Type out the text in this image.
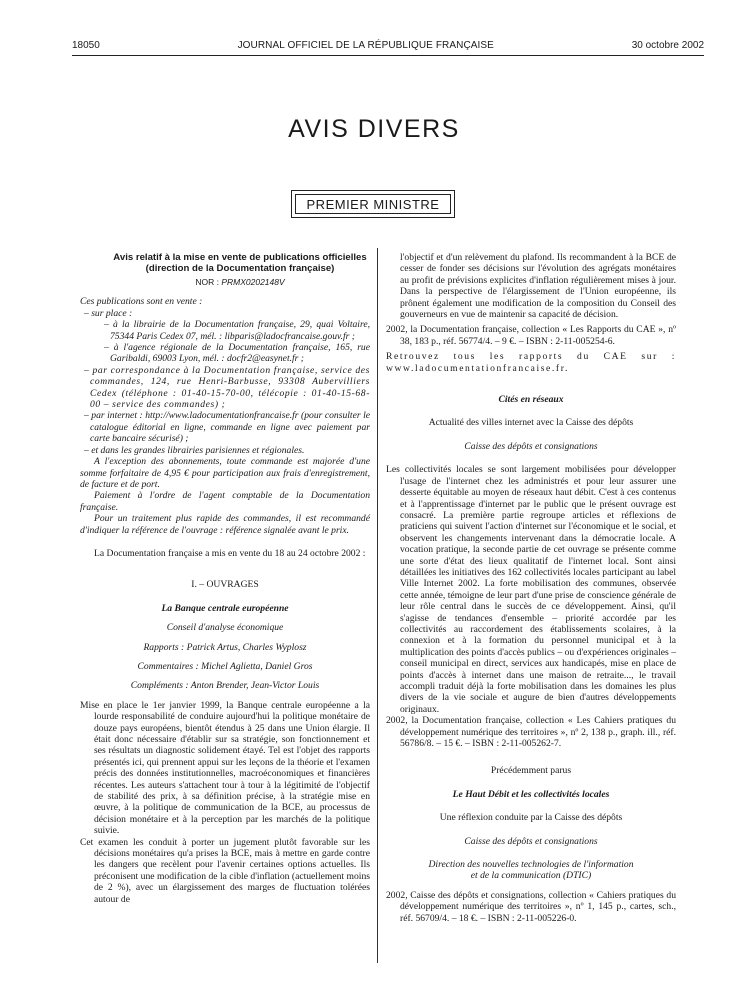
18050	JOURNAL OFFICIEL DE LA RÉPUBLIQUE FRANÇAISE	30 octobre 2002
AVIS DIVERS
PREMIER MINISTRE

Avis relatif à la mise en vente de publications officielles

(direction de la Documentation française)

NOR : PRMX0202148V

Ces publications sont en vente :

– sur place :

– à la librairie de la Documentation française, 29, quai Voltaire, 75344 Paris Cedex 07, mél. : libparis@ladocfrancaise.gouv.fr ;

– à l'agence régionale de la Documentation française, 165, rue Garibaldi, 69003 Lyon, mél. : docfr2@easynet.fr ;

– par correspondance à la Documentation française, service des commandes, 124, rue Henri-Barbusse, 93308 Aubervilliers Cedex (téléphone : 01-40-15-70-00, télécopie : 01-40-15-68-00 – service des commandes) ;

– par internet : http://www.ladocumentationfrancaise.fr (pour consulter le catalogue éditorial en ligne, commande en ligne avec paiement par carte bancaire sécurisé) ;

– et dans les grandes librairies parisiennes et régionales.

A l'exception des abonnements, toute commande est majorée d'une somme forfaitaire de 4,95 € pour participation aux frais d'enregistrement, de facture et de port.

Paiement à l'ordre de l'agent comptable de la Documentation française.

Pour un traitement plus rapide des commandes, il est recommandé d'indiquer la référence de l'ouvrage : référence signalée avant le prix.

La Documentation française a mis en vente du 18 au 24 octobre 2002 :

I. – OUVRAGES

La Banque centrale européenne

Conseil d'analyse économique

Rapports : Patrick Artus, Charles Wyplosz

Commentaires : Michel Aglietta, Daniel Gros

Compléments : Anton Brender, Jean-Victor Louis

Mise en place le 1er janvier 1999, la Banque centrale européenne a la lourde responsabilité de conduire aujourd'hui la politique monétaire de douze pays européens, bientôt étendus à 25 dans une Union élargie. Il était donc nécessaire d'établir sur sa stratégie, son fonctionnement et ses résultats un diagnostic solidement étayé. Tel est l'objet des rapports présentés ici, qui prennent appui sur les leçons de la théorie et l'examen précis des données institutionnelles, macroéconomiques et financières récentes. Les auteurs s'attachent tour à tour à la légitimité de l'objectif de stabilité des prix, à sa définition précise, à la stratégie mise en œuvre, à la politique de communication de la BCE, au processus de décision monétaire et à la perception par les marchés de la politique suivie.

Cet examen les conduit à porter un jugement plutôt favorable sur les décisions monétaires qu'a prises la BCE, mais à mettre en garde contre les dangers que recèlent pour l'avenir certaines options actuelles. Ils préconisent une modification de la cible d'inflation (actuellement moins de 2 %), avec un élargissement des marges de fluctuation tolérées autour de

l'objectif et d'un relèvement du plafond. Ils recommandent à la BCE de cesser de fonder ses décisions sur l'évolution des agrégats monétaires au profit de prévisions explicites d'inflation régulièrement mises à jour. Dans la perspective de l'élargissement de l'Union européenne, ils prônent également une modification de la composition du Conseil des gouverneurs en vue de maintenir sa capacité de décision.

2002, la Documentation française, collection « Les Rapports du CAE », nº 38, 183 p., réf. 56774/4. – 9 €. – ISBN : 2-11-005254-6.

Retrouvez tous les rapports du CAE sur : www.ladocumentationfrancaise.fr.

Cités en réseaux

Actualité des villes internet avec la Caisse des dépôts

Caisse des dépôts et consignations

Les collectivités locales se sont largement mobilisées pour développer l'usage de l'internet chez les administrés et pour leur assurer une desserte équitable au moyen de réseaux haut débit. C'est à ces contenus et à l'apprentissage d'internet par le public que le présent ouvrage est consacré. La première partie regroupe articles et réflexions de praticiens qui suivent l'action d'internet sur l'économique et le social, et observent les changements intervenant dans la démocratie locale. A vocation pratique, la seconde partie de cet ouvrage se présente comme une sorte d'état des lieux qualitatif de l'internet local. Sont ainsi détaillées les initiatives des 162 collectivités locales participant au label Ville Internet 2002. La forte mobilisation des communes, observée cette année, témoigne de leur part d'une prise de conscience générale de leur rôle central dans le succès de ce développement. Ainsi, qu'il s'agisse de tendances d'ensemble – priorité accordée par les collectivités au raccordement des établissements scolaires, à la connexion et à la formation du personnel municipal et à la multiplication des points d'accès publics – ou d'expériences originales – conseil municipal en direct, services aux handicapés, mise en place de points d'accès à internet dans une maison de retraite..., le travail accompli traduit déjà la forte mobilisation dans les domaines les plus divers de la vie sociale et augure de bien d'autres développements originaux.

2002, la Documentation française, collection « Les Cahiers pratiques du développement numérique des territoires », nº 2, 138 p., graph. ill., réf. 56786/8. – 15 €. – ISBN : 2-11-005262-7.

Précédemment parus

Le Haut Débit et les collectivités locales

Une réflexion conduite par la Caisse des dépôts

Caisse des dépôts et consignations

Direction des nouvelles technologies de l'information

et de la communication (DTIC)

2002, Caisse des dépôts et consignations, collection « Cahiers pratiques du développement numérique des territoires », nº 1, 145 p., cartes, sch., réf. 56709/4. – 18 €. – ISBN : 2-11-005226-0.
